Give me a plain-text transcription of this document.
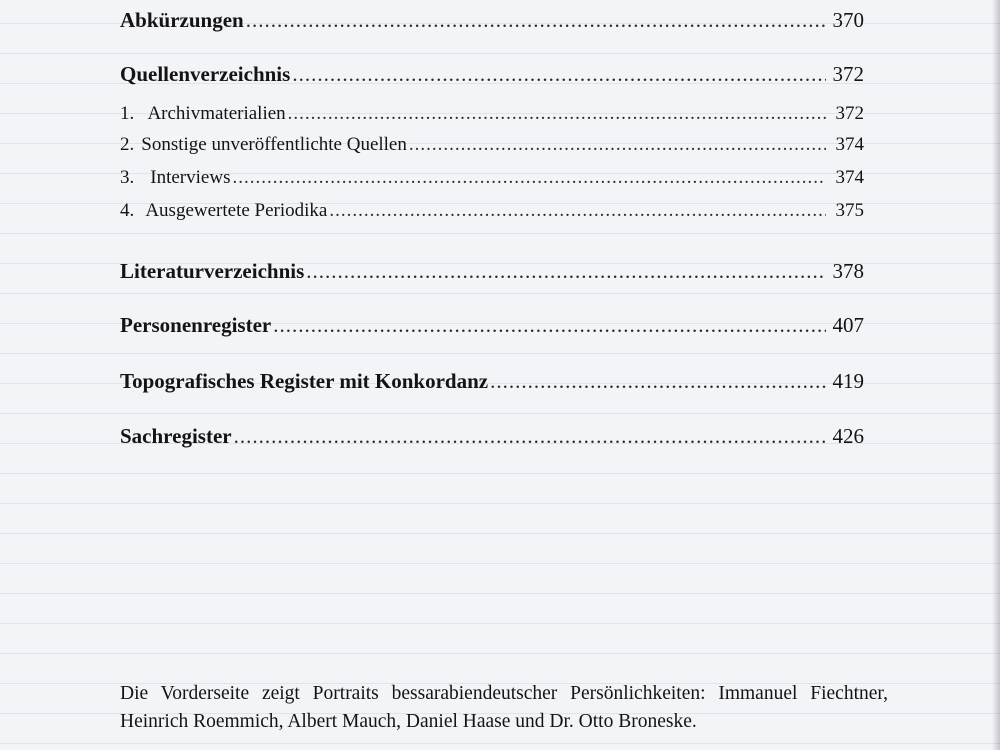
Abkürzungen .....	370
Quellenverzeichnis .....	372
1. Archivmaterialien .....	372
2. Sonstige unveröffentlichte Quellen .....	374
3. Interviews .....	374
4. Ausgewertete Periodika .....	375
Literaturverzeichnis .....	378
Personenregister .....	407
Topografisches Register mit Konkordanz .....	419
Sachregister .....	426

Die Vorderseite zeigt Portraits bessarabiendeutscher Persönlichkeiten: Immanuel Fiechtner, Heinrich Roemmich, Albert Mauch, Daniel Haase und Dr. Otto Broneske.
